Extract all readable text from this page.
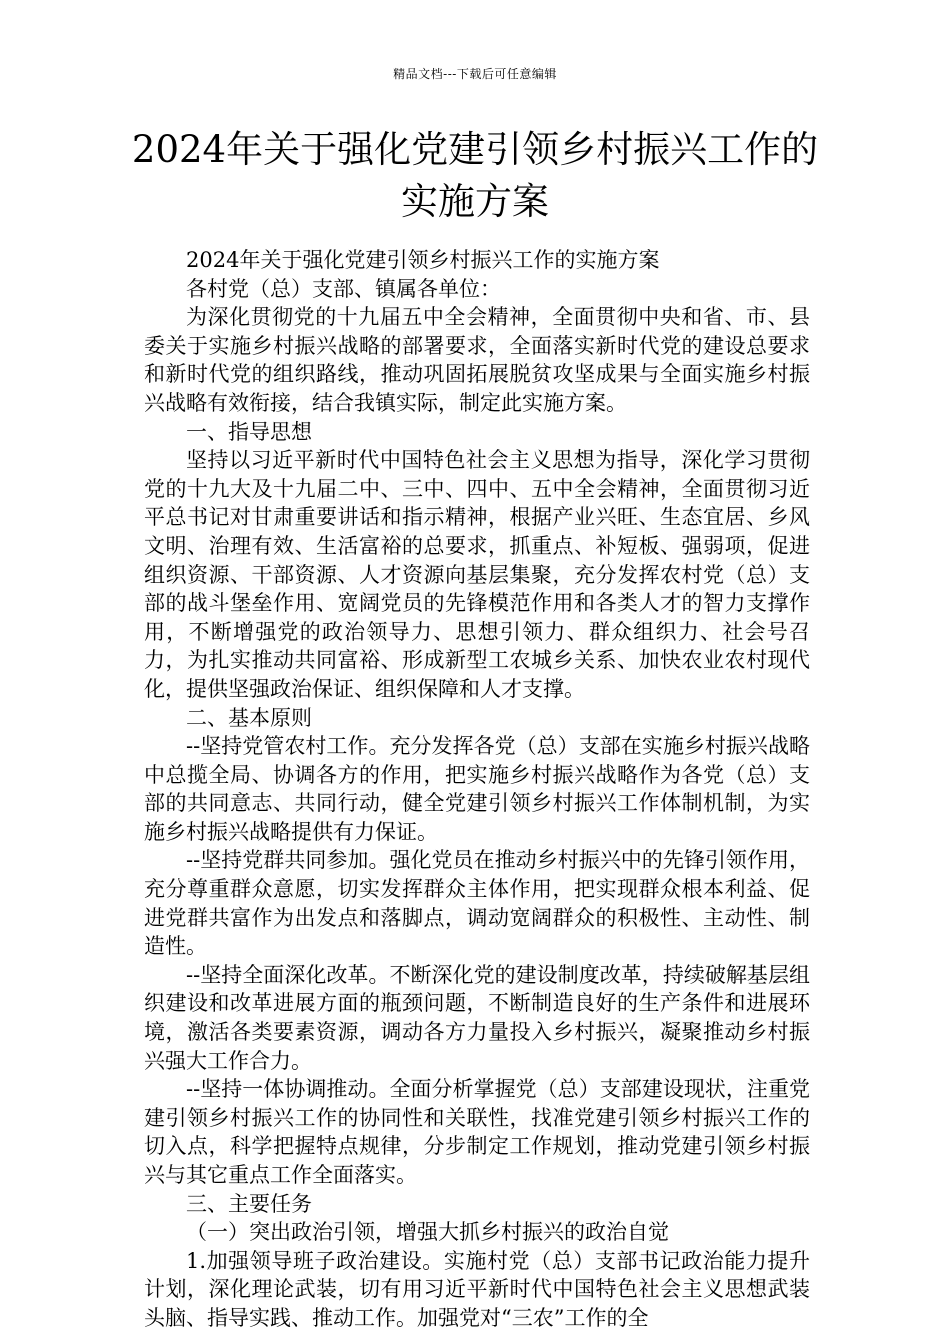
精品文档---下载后可任意编辑
2024年关于强化党建引领乡村振兴工作的实施方案

2024年关于强化党建引领乡村振兴工作的实施方案

各村党（总）支部、镇属各单位：

为深化贯彻党的十九届五中全会精神，全面贯彻中央和省、市、县委关于实施乡村振兴战略的部署要求，全面落实新时代党的建设总要求和新时代党的组织路线，推动巩固拓展脱贫攻坚成果与全面实施乡村振兴战略有效衔接，结合我镇实际，制定此实施方案。

一、指导思想

坚持以习近平新时代中国特色社会主义思想为指导，深化学习贯彻党的十九大及十九届二中、三中、四中、五中全会精神，全面贯彻习近平总书记对甘肃重要讲话和指示精神，根据产业兴旺、生态宜居、乡风文明、治理有效、生活富裕的总要求，抓重点、补短板、强弱项，促进组织资源、干部资源、人才资源向基层集聚，充分发挥农村党（总）支部的战斗堡垒作用、宽阔党员的先锋模范作用和各类人才的智力支撑作用，不断增强党的政治领导力、思想引领力、群众组织力、社会号召力，为扎实推动共同富裕、形成新型工农城乡关系、加快农业农村现代化，提供坚强政治保证、组织保障和人才支撑。

二、基本原则

--坚持党管农村工作。充分发挥各党（总）支部在实施乡村振兴战略中总揽全局、协调各方的作用，把实施乡村振兴战略作为各党（总）支部的共同意志、共同行动，健全党建引领乡村振兴工作体制机制，为实施乡村振兴战略提供有力保证。

--坚持党群共同参加。强化党员在推动乡村振兴中的先锋引领作用，充分尊重群众意愿，切实发挥群众主体作用，把实现群众根本利益、促进党群共富作为出发点和落脚点，调动宽阔群众的积极性、主动性、制造性。

--坚持全面深化改革。不断深化党的建设制度改革，持续破解基层组织建设和改革进展方面的瓶颈问题，不断制造良好的生产条件和进展环境，激活各类要素资源，调动各方力量投入乡村振兴，凝聚推动乡村振兴强大工作合力。

--坚持一体协调推动。全面分析掌握党（总）支部建设现状，注重党建引领乡村振兴工作的协同性和关联性，找准党建引领乡村振兴工作的切入点，科学把握特点规律，分步制定工作规划，推动党建引领乡村振兴与其它重点工作全面落实。

三、主要任务

（一）突出政治引领，增强大抓乡村振兴的政治自觉

1.加强领导班子政治建设。实施村党（总）支部书记政治能力提升计划，深化理论武装，切有用习近平新时代中国特色社会主义思想武装头脑、指导实践、推动工作。加强党对“三农”工作的全
